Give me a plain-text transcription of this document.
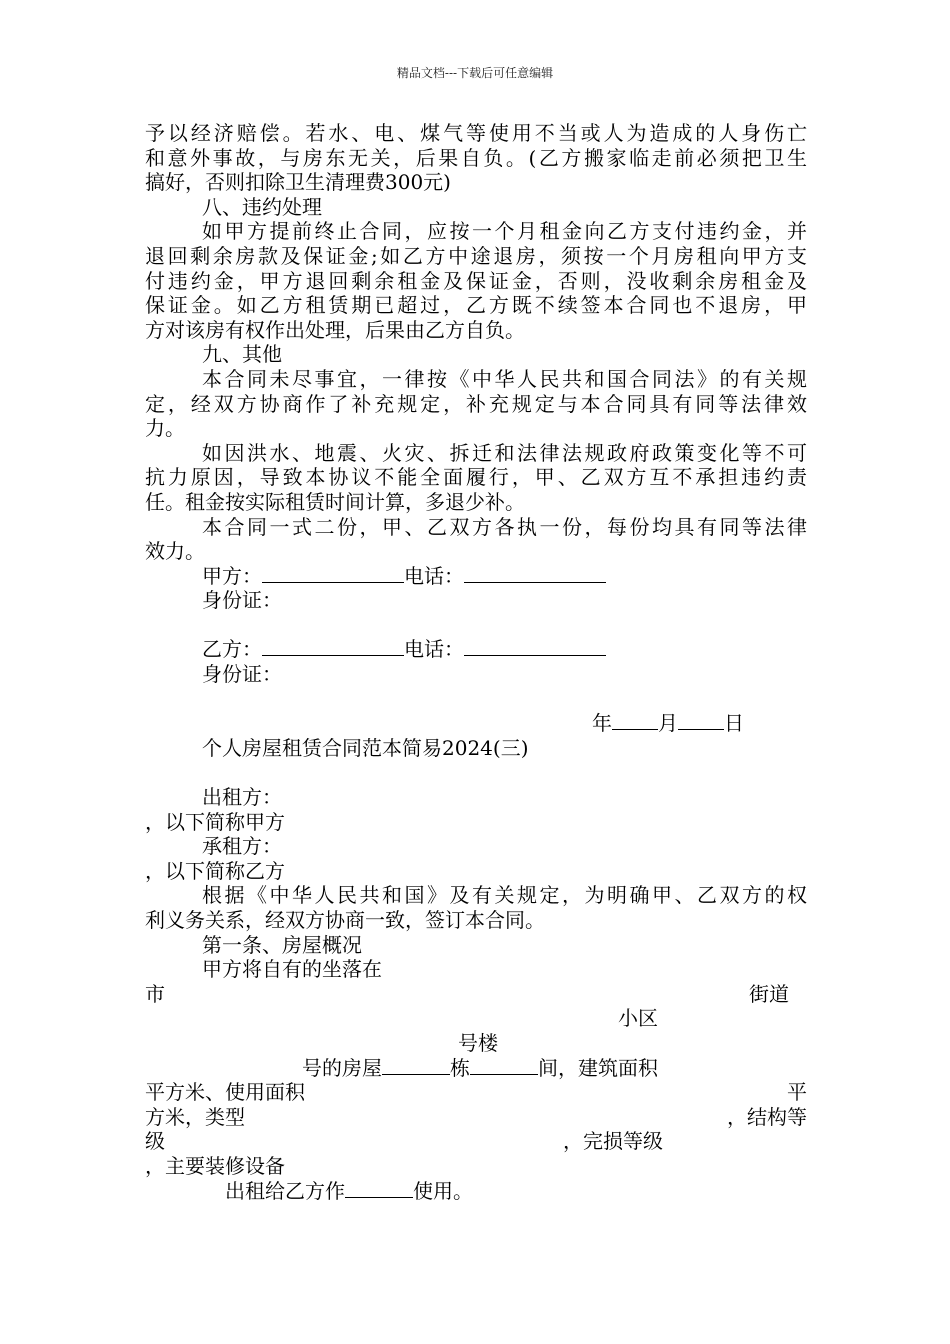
精品文档---下载后可任意编辑
予以经济赔偿。若水、电、煤气等使用不当或人为造成的人身伤亡
和意外事故，与房东无关，后果自负。(乙方搬家临走前必须把卫生
搞好，否则扣除卫生清理费300元)
八、违约处理
如甲方提前终止合同，应按一个月租金向乙方支付违约金，并
退回剩余房款及保证金;如乙方中途退房，须按一个月房租向甲方支
付违约金，甲方退回剩余租金及保证金，否则，没收剩余房租金及
保证金。如乙方租赁期已超过，乙方既不续签本合同也不退房，甲
方对该房有权作出处理，后果由乙方自负。
九、其他
本合同未尽事宜，一律按《中华人民共和国合同法》的有关规
定，经双方协商作了补充规定，补充规定与本合同具有同等法律效
力。
如因洪水、地震、火灾、拆迁和法律法规政府政策变化等不可
抗力原因，导致本协议不能全面履行，甲、乙双方互不承担违约责
任。租金按实际租赁时间计算，多退少补。
本合同一式二份，甲、乙双方各执一份，每份均具有同等法律
效力。
甲方：	电话：
身份证：
乙方：	电话：
身份证：
年 月 日
个人房屋租赁合同范本简易2024(三)
出租方：
，以下简称甲方
承租方：
，以下简称乙方
根据《中华人民共和国》及有关规定，为明确甲、乙双方的权
利义务关系，经双方协商一致，签订本合同。
第一条、房屋概况
甲方将自有的坐落在
市	街道
小区
号楼
号的房屋	栋	间，建筑面积
平方米、使用面积	平
方米，类型	，结构等
级	，完损等级
，主要装修设备
出租给乙方作	使用。
